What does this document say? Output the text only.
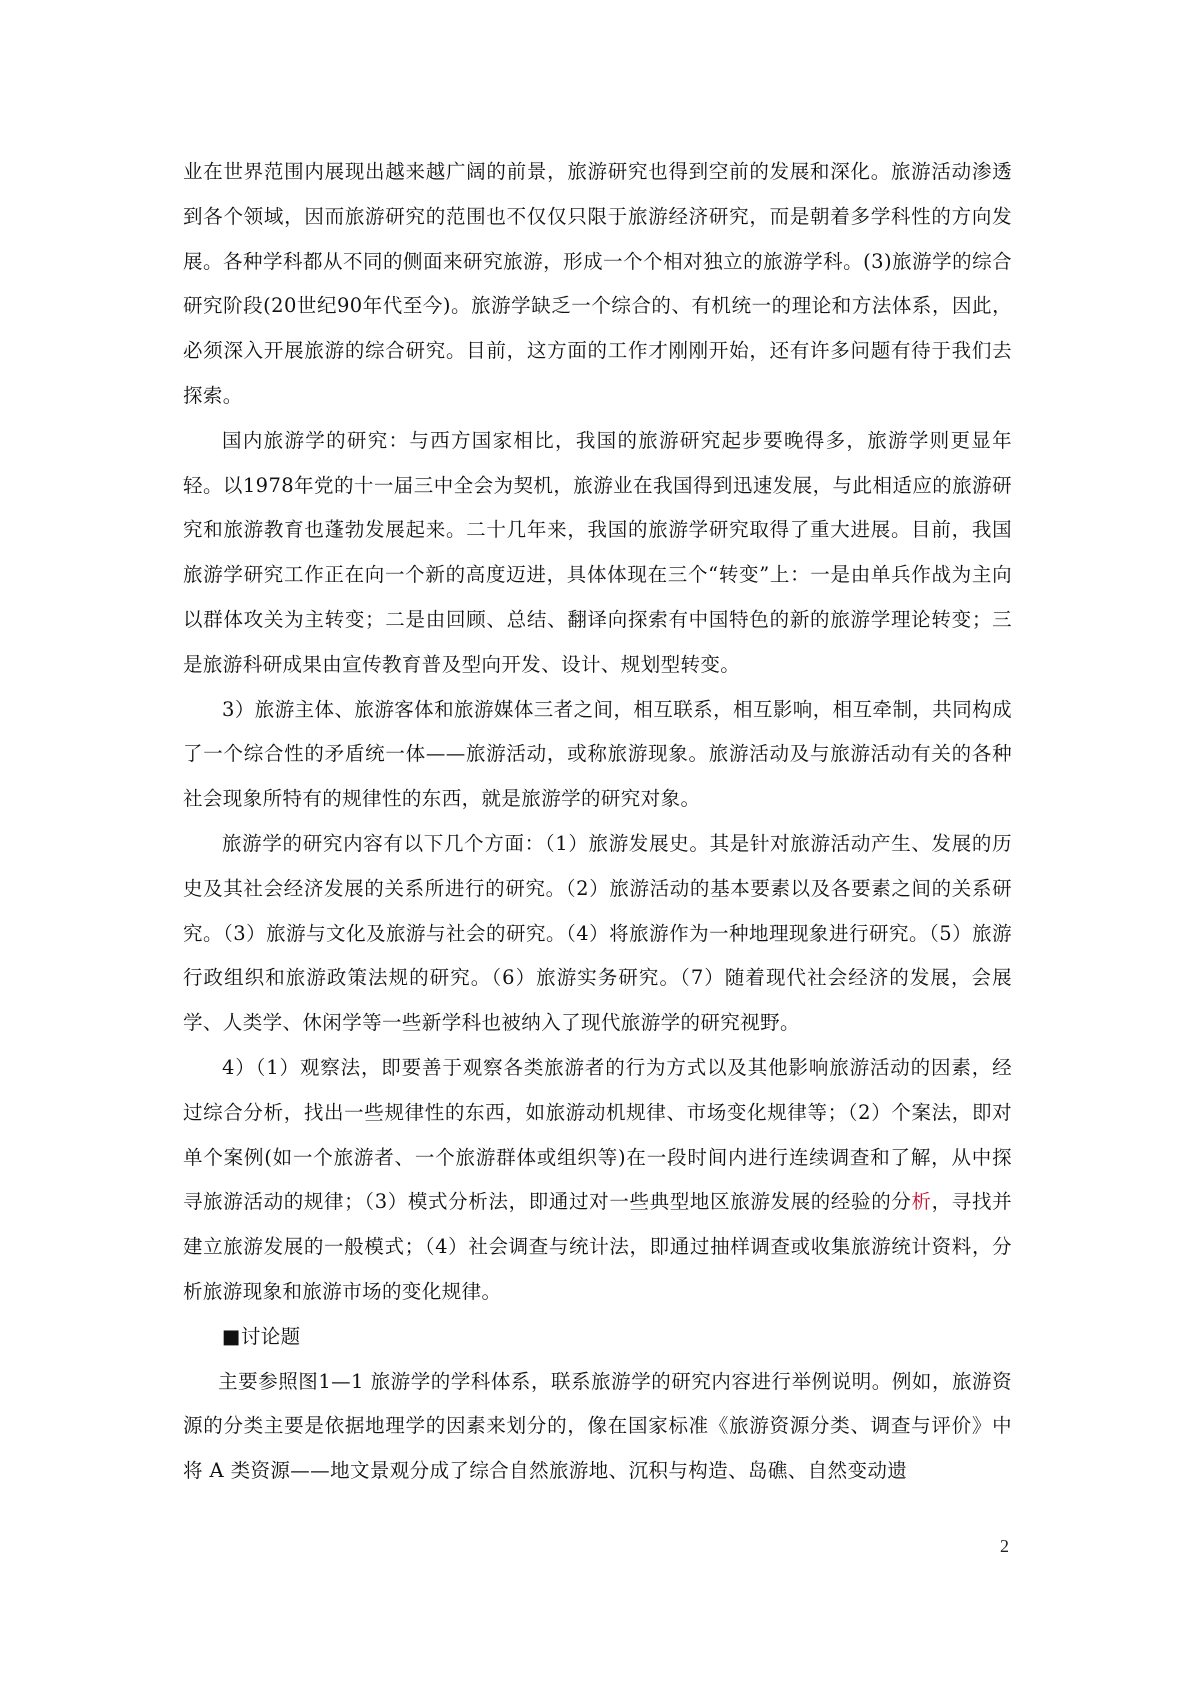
业在世界范围内展现出越来越广阔的前景，旅游研究也得到空前的发展和深化。旅游活动渗透到各个领域，因而旅游研究的范围也不仅仅只限于旅游经济研究，而是朝着多学科性的方向发展。各种学科都从不同的侧面来研究旅游，形成一个个相对独立的旅游学科。(3)旅游学的综合研究阶段(20世纪90年代至今)。旅游学缺乏一个综合的、有机统一的理论和方法体系，因此，必须深入开展旅游的综合研究。目前，这方面的工作才刚刚开始，还有许多问题有待于我们去探索。

国内旅游学的研究：与西方国家相比，我国的旅游研究起步要晚得多，旅游学则更显年轻。以1978年党的十一届三中全会为契机，旅游业在我国得到迅速发展，与此相适应的旅游研究和旅游教育也蓬勃发展起来。二十几年来，我国的旅游学研究取得了重大进展。目前，我国旅游学研究工作正在向一个新的高度迈进，具体体现在三个“转变”上：一是由单兵作战为主向以群体攻关为主转变；二是由回顾、总结、翻译向探索有中国特色的新的旅游学理论转变；三是旅游科研成果由宣传教育普及型向开发、设计、规划型转变。

3）旅游主体、旅游客体和旅游媒体三者之间，相互联系，相互影响，相互牵制，共同构成了一个综合性的矛盾统一体——旅游活动，或称旅游现象。旅游活动及与旅游活动有关的各种社会现象所特有的规律性的东西，就是旅游学的研究对象。

旅游学的研究内容有以下几个方面：（1）旅游发展史。其是针对旅游活动产生、发展的历史及其社会经济发展的关系所进行的研究。（2）旅游活动的基本要素以及各要素之间的关系研究。（3）旅游与文化及旅游与社会的研究。（4）将旅游作为一种地理现象进行研究。（5）旅游行政组织和旅游政策法规的研究。（6）旅游实务研究。（7）随着现代社会经济的发展，会展学、人类学、休闲学等一些新学科也被纳入了现代旅游学的研究视野。

4）（1）观察法，即要善于观察各类旅游者的行为方式以及其他影响旅游活动的因素，经过综合分析，找出一些规律性的东西，如旅游动机规律、市场变化规律等；（2）个案法，即对单个案例(如一个旅游者、一个旅游群体或组织等)在一段时间内进行连续调查和了解，从中探寻旅游活动的规律；（3）模式分析法，即通过对一些典型地区旅游发展的经验的分析，寻找并建立旅游发展的一般模式；（4）社会调查与统计法，即通过抽样调查或收集旅游统计资料，分析旅游现象和旅游市场的变化规律。

■讨论题

主要参照图1—1 旅游学的学科体系，联系旅游学的研究内容进行举例说明。例如，旅游资源的分类主要是依据地理学的因素来划分的，像在国家标准《旅游资源分类、调查与评价》中将 A 类资源——地文景观分成了综合自然旅游地、沉积与构造、岛礁、自然变动遗

2
